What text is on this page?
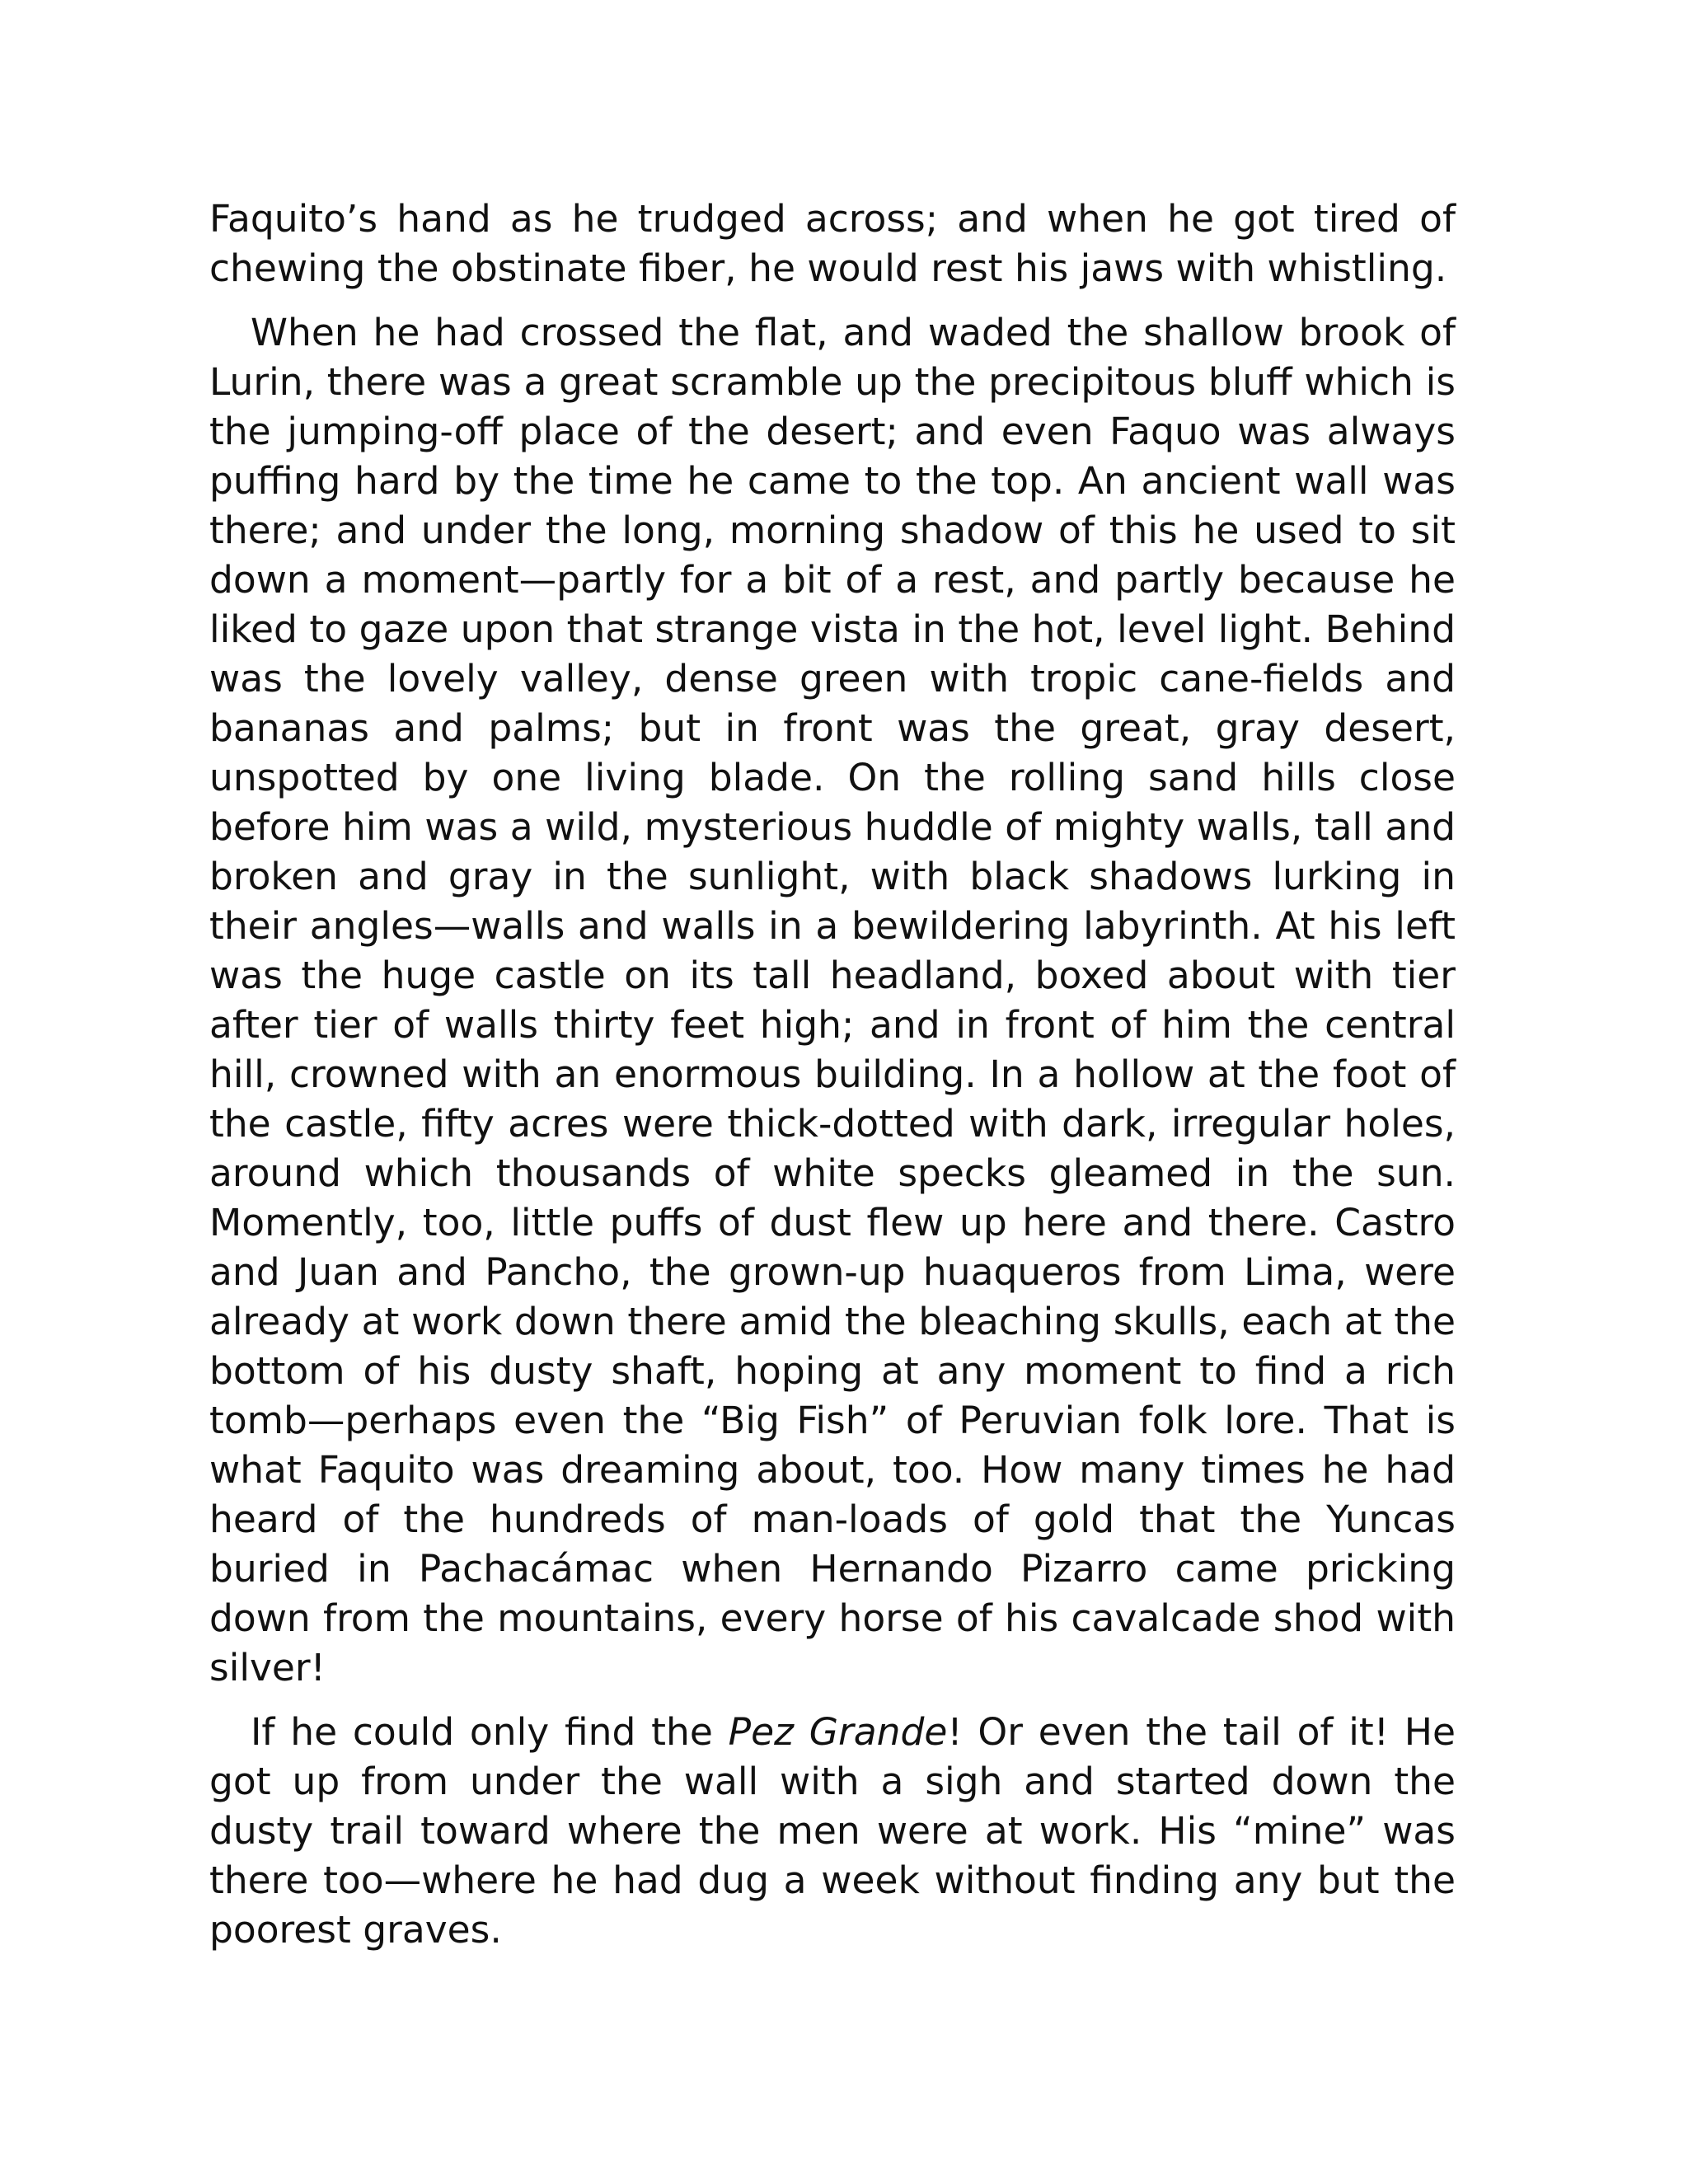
Faquito’s hand as he trudged across; and when he got tired of chewing the obstinate fiber, he would rest his jaws with whistling.

When he had crossed the flat, and waded the shallow brook of Lurin, there was a great scramble up the precipitous bluff which is the jumping-off place of the desert; and even Faquo was always puffing hard by the time he came to the top. An ancient wall was there; and under the long, morning shadow of this he used to sit down a moment—partly for a bit of a rest, and partly because he liked to gaze upon that strange vista in the hot, level light. Behind was the lovely valley, dense green with tropic cane-fields and bananas and palms; but in front was the great, gray desert, unspotted by one living blade. On the rolling sand hills close before him was a wild, mysterious huddle of mighty walls, tall and broken and gray in the sunlight, with black shadows lurking in their angles—walls and walls in a bewildering labyrinth. At his left was the huge castle on its tall headland, boxed about with tier after tier of walls thirty feet high; and in front of him the central hill, crowned with an enormous building. In a hollow at the foot of the castle, fifty acres were thick-dotted with dark, irregular holes, around which thousands of white specks gleamed in the sun. Momently, too, little puffs of dust flew up here and there. Castro and Juan and Pancho, the grown-up huaqueros from Lima, were already at work down there amid the bleaching skulls, each at the bottom of his dusty shaft, hoping at any moment to find a rich tomb—perhaps even the “Big Fish” of Peruvian folk lore. That is what Faquito was dreaming about, too. How many times he had heard of the hundreds of man-loads of gold that the Yuncas buried in Pachacámac when Hernando Pizarro came pricking down from the mountains, every horse of his cavalcade shod with silver!

If he could only find the Pez Grande! Or even the tail of it! He got up from under the wall with a sigh and started down the dusty trail toward where the men were at work. His “mine” was there too—where he had dug a week without finding any but the poorest graves.
